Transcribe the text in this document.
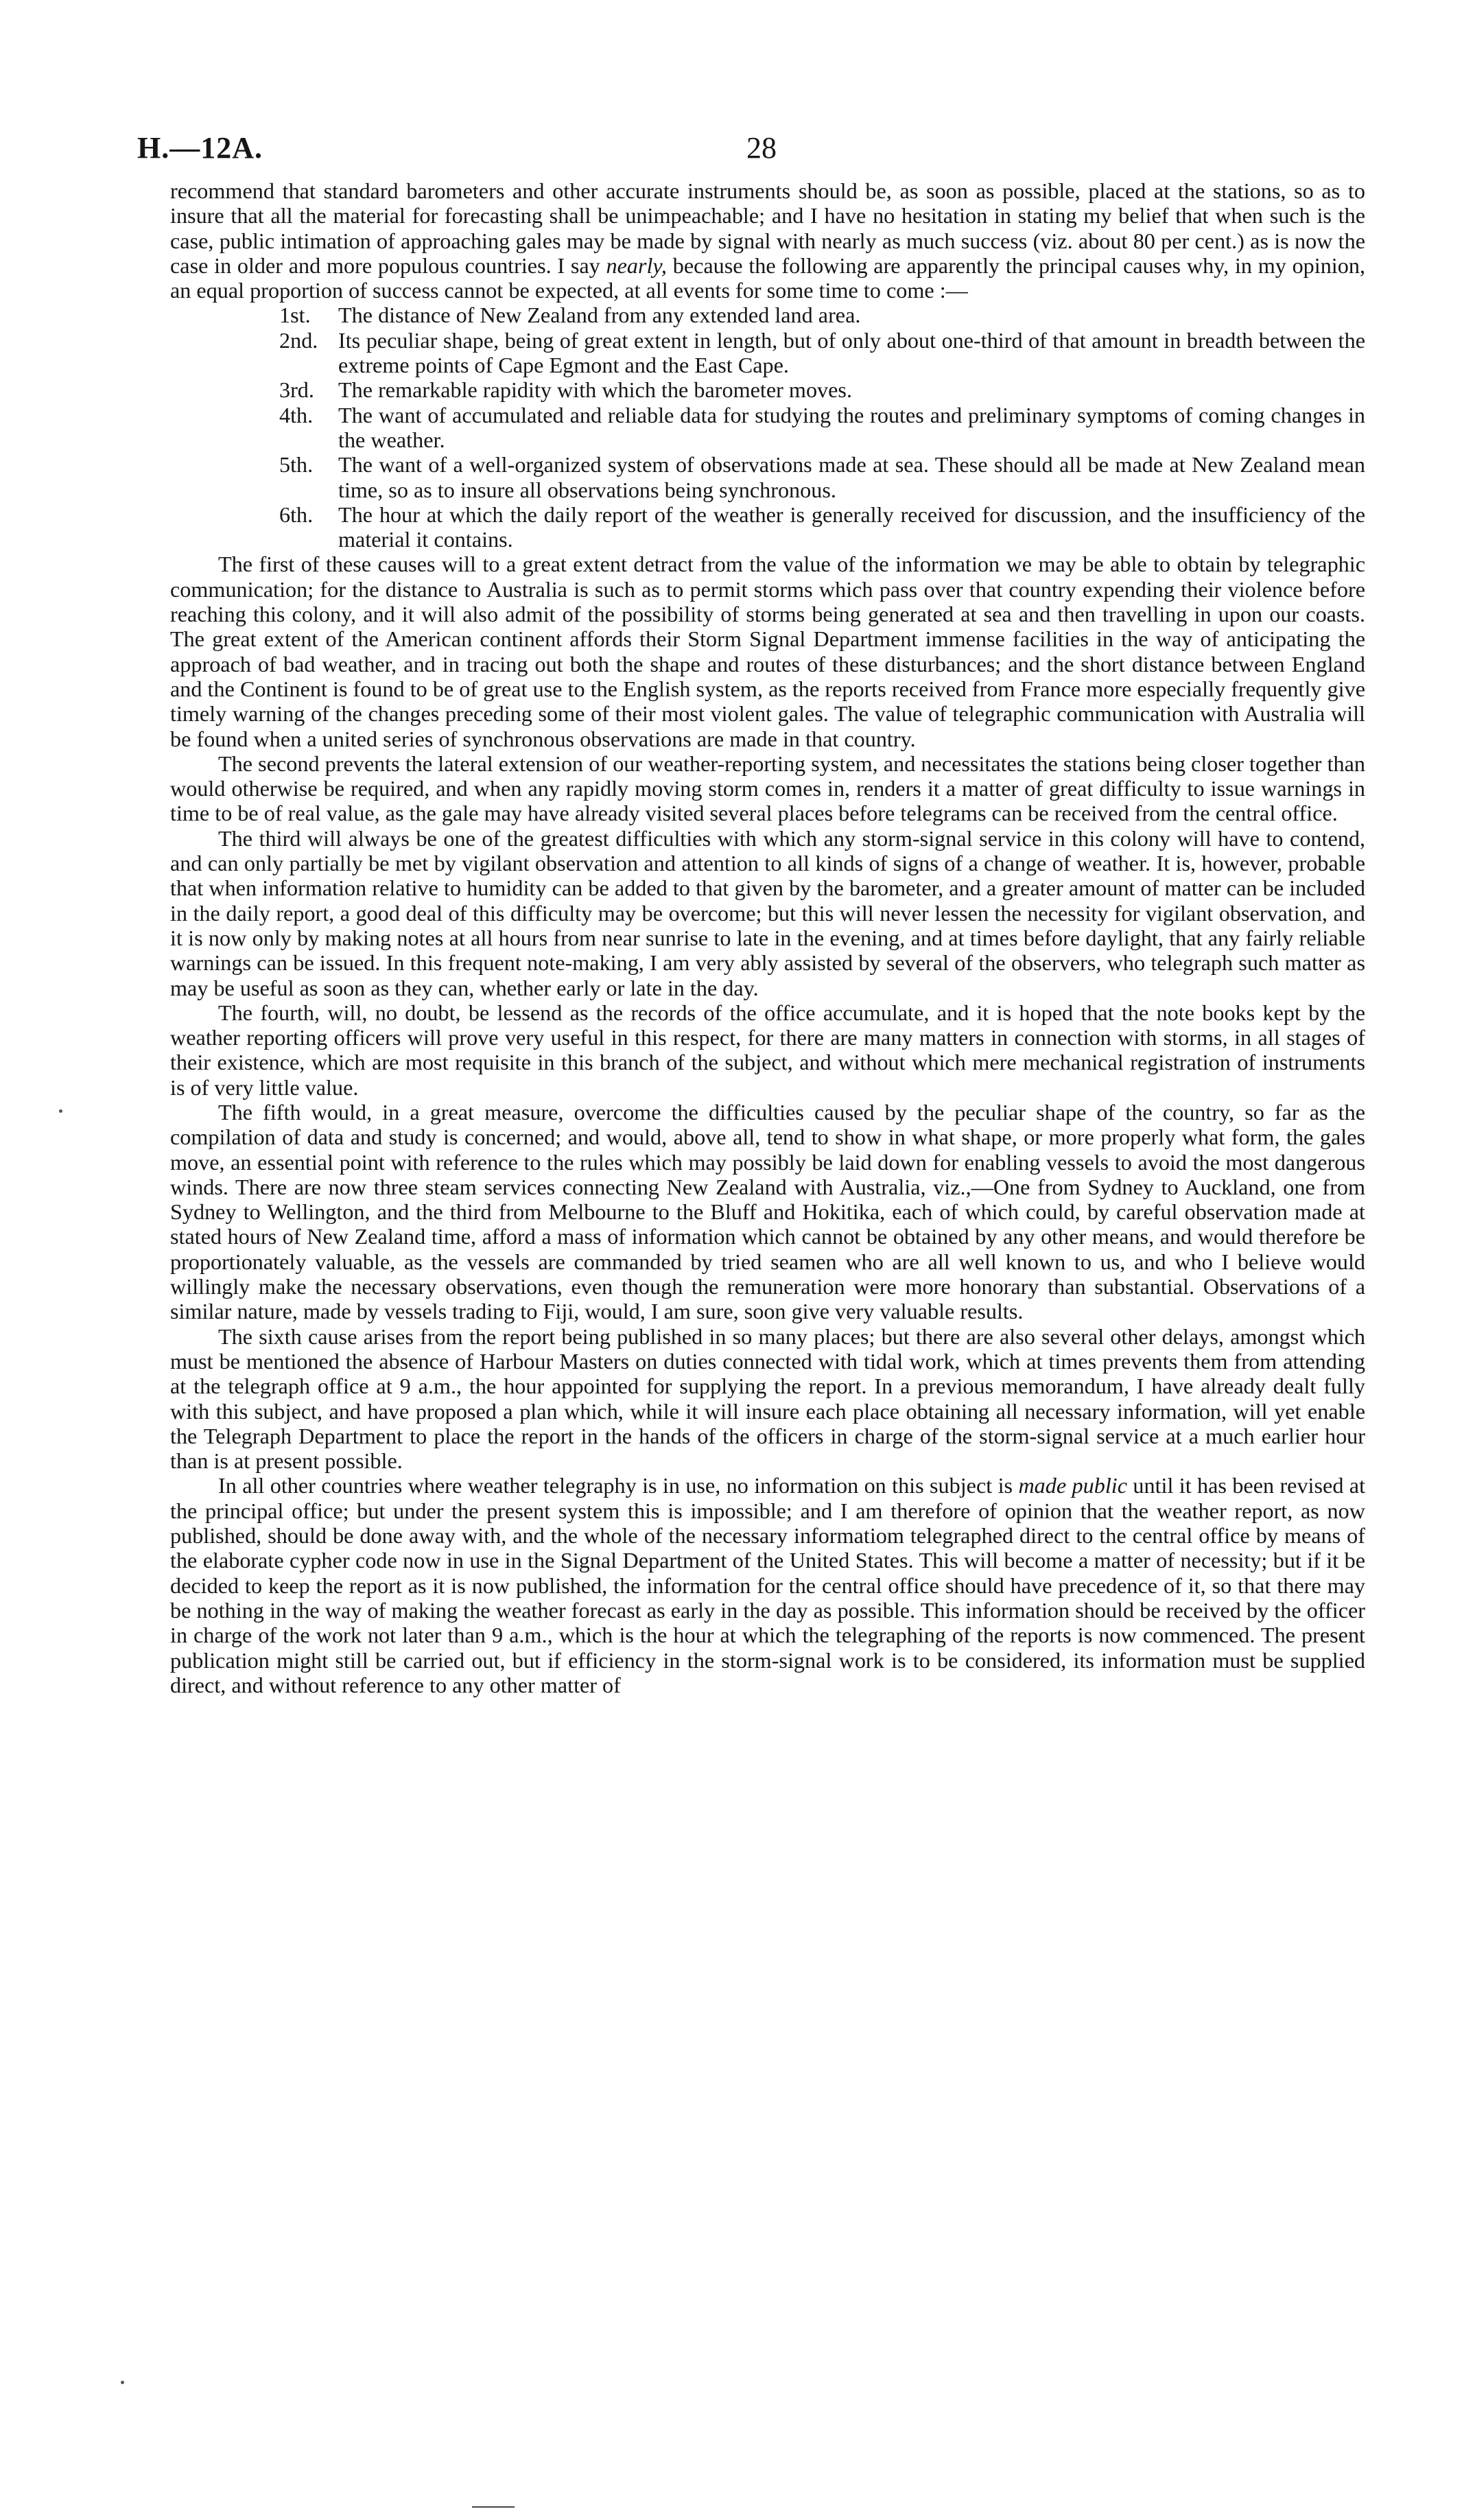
H.—12A.	28

recommend that standard barometers and other accurate instruments should be, as soon as possible, placed at the stations, so as to insure that all the material for forecasting shall be unimpeachable; and I have no hesitation in stating my belief that when such is the case, public intimation of approaching gales may be made by signal with nearly as much success (viz. about 80 per cent.) as is now the case in older and more populous countries. I say nearly, because the following are apparently the principal causes why, in my opinion, an equal proportion of success cannot be expected, at all events for some time to come :—

1st.	The distance of New Zealand from any extended land area.
2nd. Its peculiar shape, being of great extent in length, but of only about one-third of that amount in breadth between the extreme points of Cape Egmont and the East Cape.
3rd.	The remarkable rapidity with which the barometer moves.
4th.	The want of accumulated and reliable data for studying the routes and preliminary symptoms of coming changes in the weather.
5th.	The want of a well-organized system of observations made at sea. These should all be made at New Zealand mean time, so as to insure all observations being synchronous.
6th.	The hour at which the daily report of the weather is generally received for discussion, and the insufficiency of the material it contains.

The first of these causes will to a great extent detract from the value of the information we may be able to obtain by telegraphic communication; for the distance to Australia is such as to permit storms which pass over that country expending their violence before reaching this colony, and it will also admit of the possibility of storms being generated at sea and then travelling in upon our coasts. The great extent of the American continent affords their Storm Signal Department immense facilities in the way of anticipating the approach of bad weather, and in tracing out both the shape and routes of these disturbances; and the short distance between England and the Continent is found to be of great use to the English system, as the reports received from France more especially frequently give timely warning of the changes preceding some of their most violent gales. The value of telegraphic communication with Australia will be found when a united series of synchronous observations are made in that country.

The second prevents the lateral extension of our weather-reporting system, and necessitates the stations being closer together than would otherwise be required, and when any rapidly moving storm comes in, renders it a matter of great difficulty to issue warnings in time to be of real value, as the gale may have already visited several places before telegrams can be received from the central office.

The third will always be one of the greatest difficulties with which any storm-signal service in this colony will have to contend, and can only partially be met by vigilant observation and attention to all kinds of signs of a change of weather. It is, however, probable that when information relative to humidity can be added to that given by the barometer, and a greater amount of matter can be included in the daily report, a good deal of this difficulty may be overcome; but this will never lessen the necessity for vigilant observation, and it is now only by making notes at all hours from near sunrise to late in the evening, and at times before daylight, that any fairly reliable warnings can be issued. In this frequent note-making, I am very ably assisted by several of the observers, who telegraph such matter as may be useful as soon as they can, whether early or late in the day.

The fourth, will, no doubt, be lessend as the records of the office accumulate, and it is hoped that the note books kept by the weather reporting officers will prove very useful in this respect, for there are many matters in connection with storms, in all stages of their existence, which are most requisite in this branch of the subject, and without which mere mechanical registration of instruments is of very little value.

The fifth would, in a great measure, overcome the difficulties caused by the peculiar shape of the country, so far as the compilation of data and study is concerned; and would, above all, tend to show in what shape, or more properly what form, the gales move, an essential point with reference to the rules which may possibly be laid down for enabling vessels to avoid the most dangerous winds. There are now three steam services connecting New Zealand with Australia, viz.,—One from Sydney to Auckland, one from Sydney to Wellington, and the third from Melbourne to the Bluff and Hokitika, each of which could, by careful observation made at stated hours of New Zealand time, afford a mass of information which cannot be obtained by any other means, and would therefore be proportionately valuable, as the vessels are commanded by tried seamen who are all well known to us, and who I believe would willingly make the necessary observations, even though the remuneration were more honorary than substantial. Observations of a similar nature, made by vessels trading to Fiji, would, I am sure, soon give very valuable results.

The sixth cause arises from the report being published in so many places; but there are also several other delays, amongst which must be mentioned the absence of Harbour Masters on duties connected with tidal work, which at times prevents them from attending at the telegraph office at 9 a.m., the hour appointed for supplying the report. In a previous memorandum, I have already dealt fully with this subject, and have proposed a plan which, while it will insure each place obtaining all necessary information, will yet enable the Telegraph Department to place the report in the hands of the officers in charge of the storm-signal service at a much earlier hour than is at present possible.

In all other countries where weather telegraphy is in use, no information on this subject is made public until it has been revised at the principal office; but under the present system this is impossible; and I am therefore of opinion that the weather report, as now published, should be done away with, and the whole of the necessary informatiom telegraphed direct to the central office by means of the elaborate cypher code now in use in the Signal Department of the United States. This will become a matter of necessity; but if it be decided to keep the report as it is now published, the information for the central office should have precedence of it, so that there may be nothing in the way of making the weather forecast as early in the day as possible. This information should be received by the officer in charge of the work not later than 9 a.m., which is the hour at which the telegraphing of the reports is now commenced. The present publication might still be carried out, but if efficiency in the storm-signal work is to be considered, its information must be supplied direct, and without reference to any other matter of
